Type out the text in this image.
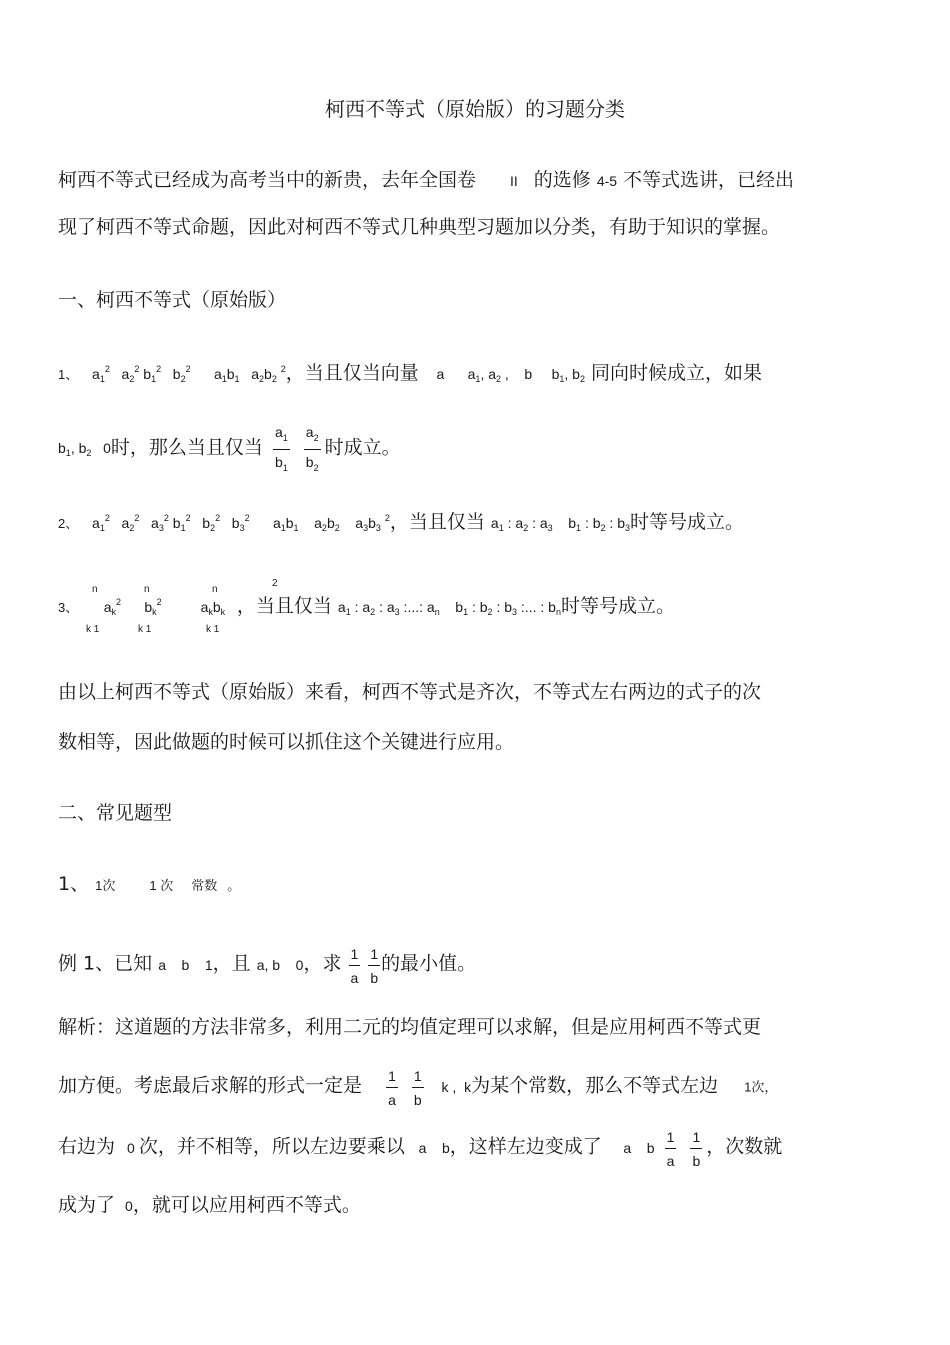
柯西不等式（原始版）的习题分类
柯西不等式已经成为高考当中的新贵，去年全国卷 II 的选修 4-5 不等式选讲，已经出
现了柯西不等式命题，因此对柯西不等式几种典型习题加以分类，有助于知识的掌握。
一、柯西不等式（原始版）
1、   $a_1^2$   $a_2^2$ $b_1^2$   $b_2^2$      $a_1b_1$   $a_2b_2$ $^2$，当且仅当向量    a      $a_1$, $a_2$ ,    b     $b_1$, $b_2$ 同向时候成立，如果
$b_1$, $b_2$   0时，那么当且仅当 $\frac{a_1}{b_1}$
$\frac{a_2}{b_2}$ 时成立。
2、   $a_1^2$   $a_2^2$   $a_3^2$ $b_1^2$   $b_2^2$   $b_3^2$      $a_1b_1$    $a_2b_2$    $a_3b_3$ $^2$，当且仅当 $a_1$ : $a_2$ : $a_3$    $b_1$ : $b_2$ : $b_3$时等号成立。
n	n	n
2
k 1	k 1	k 1
3、      $a_k^2$      $b_k^2$          $a_kb_k$ ，当且仅当 $a_1$ : $a_2$ : $a_3$ :...: $a_n$    $b_1$ : $b_2$ : $b_3$ :... : $b_n$时等号成立。
由以上柯西不等式（原始版）来看，柯西不等式是齐次，不等式左右两边的式子的次
数相等，因此做题的时候可以抓住这个关键进行应用。
二、常见题型
1、 1次	1 次 常数 。
例 1、已知 a    b    1，且 a, b    0，求 $\frac{1}{a}$
$\frac{1}{b}$ 的最小值。
解析：这道题的方法非常多，利用二元的均值定理可以求解，但是应用柯西不等式更
加方便。考虑最后求解的形式一定是 $\frac{1}{a}$
$\frac{1}{b}$ k ,  k为某个常数，那么不等式左边 1次，
右边为 0 次，并不相等，所以左边要乘以   a    b，这样左边变成了     a    b $\frac{1}{a}$
$\frac{1}{b}$ ，次数就
成为了 0，就可以应用柯西不等式。
